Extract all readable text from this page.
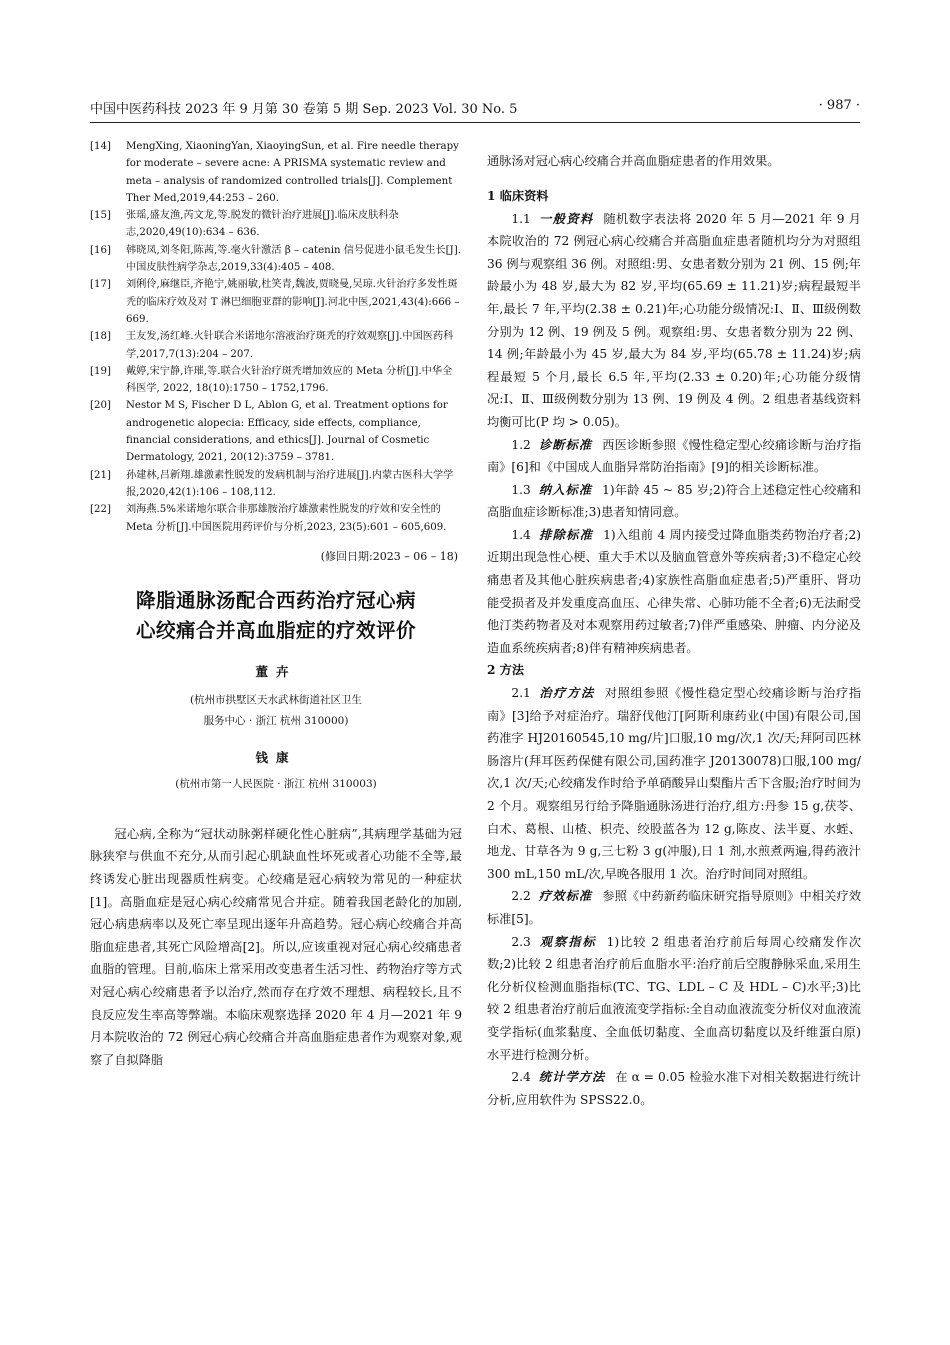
中国中医药科技 2023 年 9 月第 30 卷第 5 期 Sep. 2023 Vol. 30 No. 5	· 987 ·

[14] MengXing, XiaoningYan, XiaoyingSun, et al. Fire needle therapy for moderate – severe acne: A PRISMA systematic review and meta – analysis of randomized controlled trials[J]. Complement Ther Med,2019,44:253 – 260.

[15] 张瑶,盛友渔,芮文龙,等.脱发的微针治疗进展[J].临床皮肤科杂志,2020,49(10):634 – 636.

[16] 韩晓凤,刘冬阳,陈茜,等.毫火针激活 β – catenin 信号促进小鼠毛发生长[J].中国皮肤性病学杂志,2019,33(4):405 – 408.

[17] 刘俐伶,麻继臣,齐艳宁,姚丽敏,杜笑青,魏波,贾晓曼,吴琼.火针治疗多发性斑秃的临床疗效及对 T 淋巴细胞亚群的影响[J].河北中医,2021,43(4):666 – 669.

[18] 王友发,汤红峰.火针联合米诺地尔溶液治疗斑秃的疗效观察[J].中国医药科学,2017,7(13):204 – 207.

[19] 戴婷,宋宁静,许璀,等.联合火针治疗斑秃增加效应的 Meta 分析[J].中华全科医学, 2022, 18(10):1750 – 1752,1796.

[20] Nestor M S, Fischer D L, Ablon G, et al. Treatment options for androgenetic alopecia: Efficacy, side effects, compliance, financial considerations, and ethics[J]. Journal of Cosmetic Dermatology, 2021, 20(12):3759 – 3781.

[21] 孙建林,吕新翔.雄激素性脱发的发病机制与治疗进展[J].内蒙古医科大学学报,2020,42(1):106 – 108,112.

[22] 刘海燕.5%米诺地尔联合非那雄胺治疗雄激素性脱发的疗效和安全性的 Meta 分析[J].中国医院用药评价与分析,2023, 23(5):601 – 605,609.

(修回日期:2023 – 06 – 18)
降脂通脉汤配合西药治疗冠心病
心绞痛合并高血脂症的疗效评价
董卉
(杭州市拱墅区天水武林街道社区卫生
服务中心 · 浙江 杭州 310000)
钱康
(杭州市第一人民医院 · 浙江 杭州 310003)

冠心病,全称为“冠状动脉粥样硬化性心脏病”,其病理学基础为冠脉狭窄与供血不充分,从而引起心肌缺血性坏死或者心功能不全等,最终诱发心脏出现器质性病变。心绞痛是冠心病较为常见的一种症状[1]。高脂血症是冠心病心绞痛常见合并症。随着我国老龄化的加剧,冠心病患病率以及死亡率呈现出逐年升高趋势。冠心病心绞痛合并高脂血症患者,其死亡风险增高[2]。所以,应该重视对冠心病心绞痛患者血脂的管理。目前,临床上常采用改变患者生活习性、药物治疗等方式对冠心病心绞痛患者予以治疗,然而存在疗效不理想、病程较长,且不良反应发生率高等弊端。本临床观察选择 2020 年 4 月—2021 年 9 月本院收治的 72 例冠心病心绞痛合并高血脂症患者作为观察对象,观察了自拟降脂

通脉汤对冠心病心绞痛合并高血脂症患者的作用效果。

1 临床资料

1.1 一般资料 随机数字表法将 2020 年 5 月—2021 年 9 月本院收治的 72 例冠心病心绞痛合并高脂血症患者随机均分为对照组 36 例与观察组 36 例。对照组:男、女患者数分别为 21 例、15 例;年龄最小为 48 岁,最大为 82 岁,平均(65.69 ± 11.21)岁;病程最短半年,最长 7 年,平均(2.38 ± 0.21)年;心功能分级情况:Ⅰ、Ⅱ、Ⅲ级例数分别为 12 例、19 例及 5 例。观察组:男、女患者数分别为 22 例、14 例;年龄最小为 45 岁,最大为 84 岁,平均(65.78 ± 11.24)岁;病程最短 5 个月,最长 6.5 年,平均(2.33 ± 0.20)年;心功能分级情况:Ⅰ、Ⅱ、Ⅲ级例数分别为 13 例、19 例及 4 例。2 组患者基线资料均衡可比(P 均 > 0.05)。

1.2 诊断标准 西医诊断参照《慢性稳定型心绞痛诊断与治疗指南》[6]和《中国成人血脂异常防治指南》[9]的相关诊断标准。

1.3 纳入标准 1)年龄 45 ~ 85 岁;2)符合上述稳定性心绞痛和高脂血症诊断标准;3)患者知情同意。

1.4 排除标准 1)入组前 4 周内接受过降血脂类药物治疗者;2)近期出现急性心梗、重大手术以及脑血管意外等疾病者;3)不稳定心绞痛患者及其他心脏疾病患者;4)家族性高脂血症患者;5)严重肝、肾功能受损者及并发重度高血压、心律失常、心肺功能不全者;6)无法耐受他汀类药物者及对本观察用药过敏者;7)伴严重感染、肿瘤、内分泌及造血系统疾病者;8)伴有精神疾病患者。

2 方法

2.1 治疗方法 对照组参照《慢性稳定型心绞痛诊断与治疗指南》[3]给予对症治疗。瑞舒伐他汀[阿斯利康药业(中国)有限公司,国药准字 HJ20160545,10 mg/片]口服,10 mg/次,1 次/天;拜阿司匹林肠溶片(拜耳医药保健有限公司,国药准字 J20130078)口服,100 mg/次,1 次/天;心绞痛发作时给予单硝酸异山梨酯片舌下含服;治疗时间为 2 个月。观察组另行给予降脂通脉汤进行治疗,组方:丹参 15 g,茯苓、白术、葛根、山楂、枳壳、绞股蓝各为 12 g,陈皮、法半夏、水蛭、地龙、甘草各为 9 g,三七粉 3 g(冲服),日 1 剂,水煎煮两遍,得药液汁 300 mL,150 mL/次,早晚各服用 1 次。治疗时间同对照组。

2.2 疗效标准 参照《中药新药临床研究指导原则》中相关疗效标准[5]。

2.3 观察指标 1)比较 2 组患者治疗前后每周心绞痛发作次数;2)比较 2 组患者治疗前后血脂水平:治疗前后空腹静脉采血,采用生化分析仪检测血脂指标(TC、TG、LDL – C 及 HDL – C)水平;3)比较 2 组患者治疗前后血液流变学指标:全自动血液流变分析仪对血液流变学指标(血浆黏度、全血低切黏度、全血高切黏度以及纤维蛋白原)水平进行检测分析。

2.4 统计学方法 在 α = 0.05 检验水准下对相关数据进行统计分析,应用软件为 SPSS22.0。
